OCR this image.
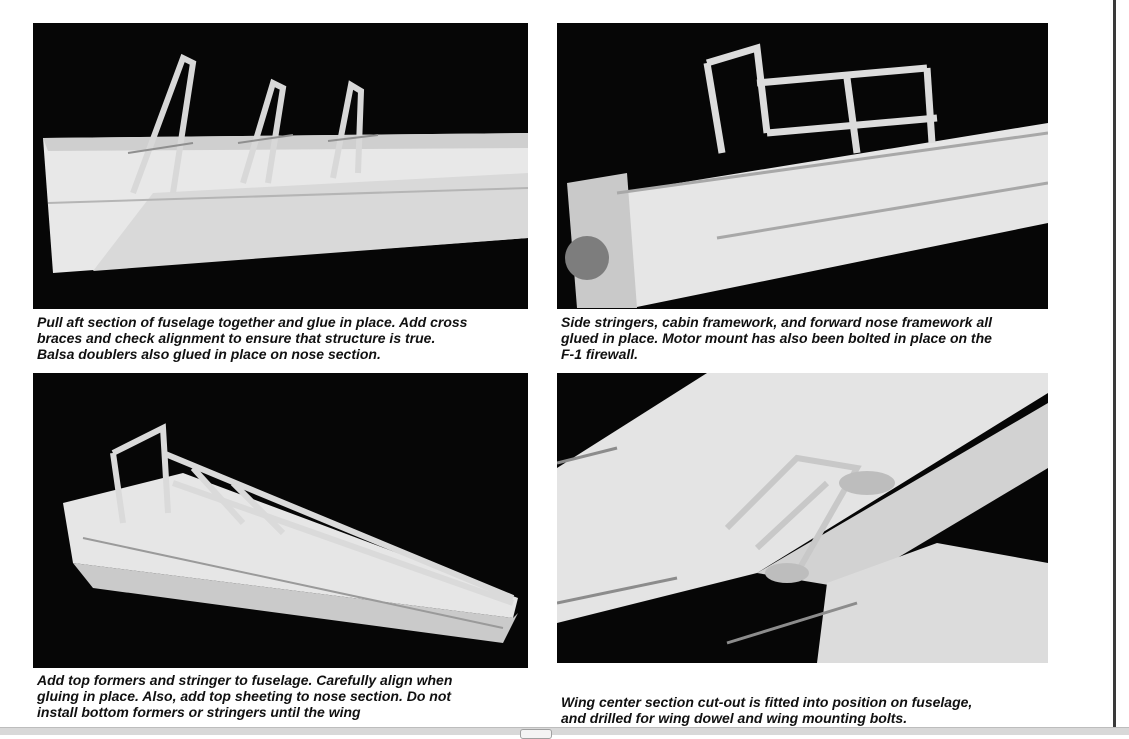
Pull aft section of fuselage together and glue in place. Add cross
braces and check alignment to ensure that structure is true.
Balsa doublers also glued in place on nose section.
Side stringers, cabin framework, and forward nose framework all
glued in place. Motor mount has also been bolted in place on the
F-1 firewall.
Add top formers and stringer to fuselage. Carefully align when
gluing in place. Also, add top sheeting to nose section. Do not
install bottom formers or stringers until the wing
Wing center section cut-out is fitted into position on fuselage,
and drilled for wing dowel and wing mounting bolts.
